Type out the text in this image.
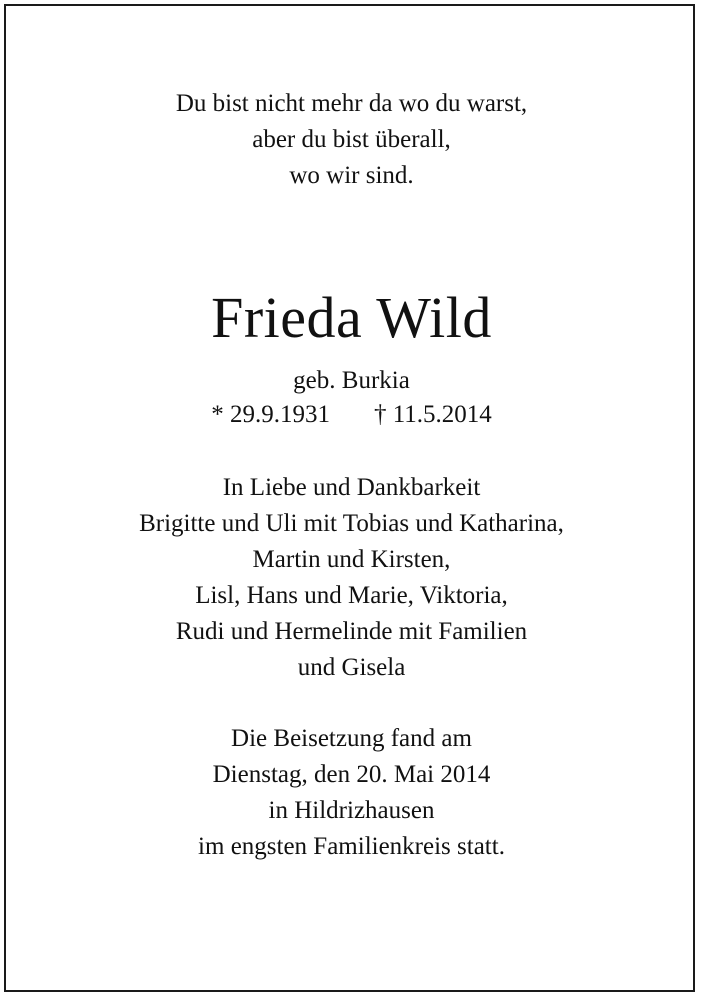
Du bist nicht mehr da wo du warst,
aber du bist überall,
wo wir sind.
Frieda Wild
geb. Burkia
* 29.9.1931 † 11.5.2014
In Liebe und Dankbarkeit
Brigitte und Uli mit Tobias und Katharina,
Martin und Kirsten,
Lisl, Hans und Marie, Viktoria,
Rudi und Hermelinde mit Familien
und Gisela
Die Beisetzung fand am
Dienstag, den 20. Mai 2014
in Hildrizhausen
im engsten Familienkreis statt.
